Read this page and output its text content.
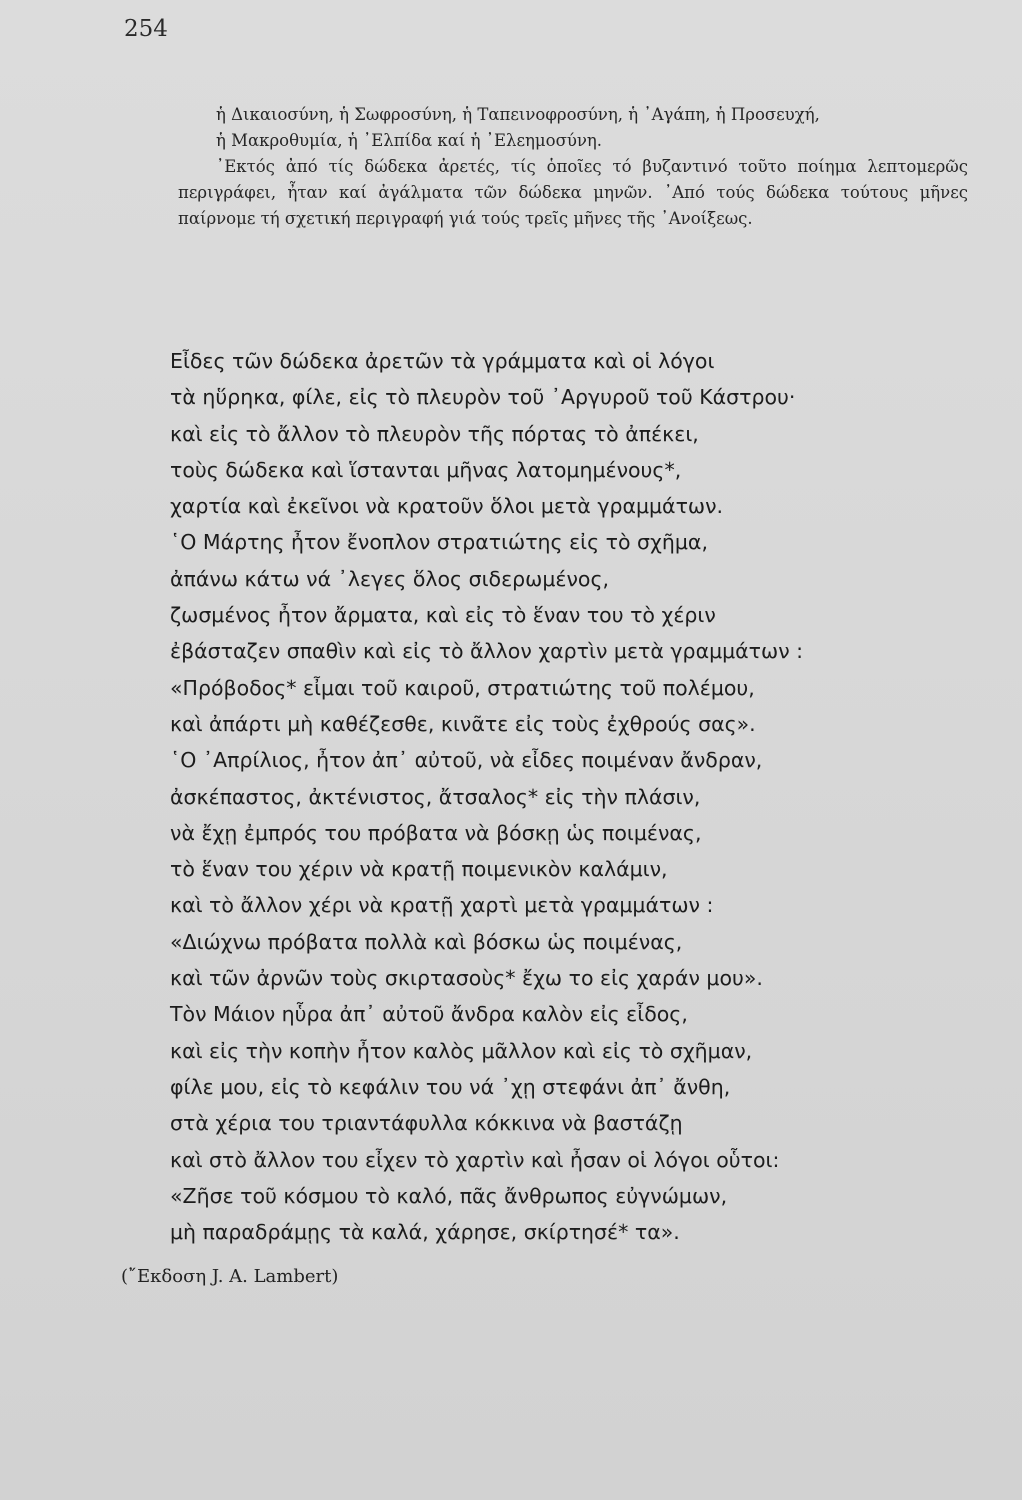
254

ἡ Δικαιοσύνη, ἡ Σωφροσύνη, ἡ Ταπεινοφροσύνη, ἡ ᾿Αγάπη, ἡ Προσευχή,

ἡ Μακροθυμία, ἡ ᾿Ελπίδα καί ἡ ᾿Ελεημοσύνη.

᾿Εκτός ἀπό τίς δώδεκα ἀρετές, τίς ὁποῖες τό βυζαντινό τοῦτο ποίημα λεπτομερῶς περιγράφει, ἦταν καί ἀγάλματα τῶν δώδεκα μηνῶν. ᾿Από τούς δώδεκα τούτους μῆνες παίρνομε τή σχετική περιγραφή γιά τούς τρεῖς μῆνες τῆς ᾿Ανοίξεως.

Εἶδες τῶν δώδεκα ἀρετῶν τὰ γράμματα καὶ οἱ λόγοι
τὰ ηὕρηκα, φίλε, εἰς τὸ πλευρὸν τοῦ ᾿Αργυροῦ τοῦ Κάστρου·
καὶ εἰς τὸ ἄλλον τὸ πλευρὸν τῆς πόρτας τὸ ἀπέκει,
τοὺς δώδεκα καὶ ἵστανται μῆνας λατομημένους*,
χαρτία καὶ ἐκεῖνοι νὰ κρατοῦν ὅλοι μετὰ γραμμάτων.
῾Ο Μάρτης ἦτον ἔνοπλον στρατιώτης εἰς τὸ σχῆμα,
ἀπάνω κάτω νά ᾿λεγες ὅλος σιδερωμένος,
ζωσμένος ἦτον ἄρματα, καὶ εἰς τὸ ἕναν του τὸ χέριν
ἐβάσταζεν σπαθὶν καὶ εἰς τὸ ἄλλον χαρτὶν μετὰ γραμμάτων :
«Πρόβοδος* εἶμαι τοῦ καιροῦ, στρατιώτης τοῦ πολέμου,
καὶ ἀπάρτι μὴ καθέζεσθε, κινᾶτε εἰς τοὺς ἐχθρούς σας».
῾Ο ᾿Απρίλιος, ἦτον ἀπ᾿ αὐτοῦ, νὰ εἶδες ποιμέναν ἄνδραν,
ἀσκέπαστος, ἀκτένιστος, ἄτσαλος* εἰς τὴν πλάσιν,
νὰ ἔχῃ ἐμπρός του πρόβατα νὰ βόσκῃ ὡς ποιμένας,
τὸ ἕναν του χέριν νὰ κρατῇ ποιμενικὸν καλάμιν,
καὶ τὸ ἄλλον χέρι νὰ κρατῇ χαρτὶ μετὰ γραμμάτων :
«Διώχνω πρόβατα πολλὰ καὶ βόσκω ὡς ποιμένας,
καὶ τῶν ἀρνῶν τοὺς σκιρτασοὺς* ἔχω το εἰς χαράν μου».
Τὸν Μάιον ηὗρα ἀπ᾿ αὐτοῦ ἄνδρα καλὸν εἰς εἶδος,
καὶ εἰς τὴν κοπὴν ἦτον καλὸς μᾶλλον καὶ εἰς τὸ σχῆμαν,
φίλε μου, εἰς τὸ κεφάλιν του νά ᾿χῃ στεφάνι ἀπ᾿ ἄνθη,
στὰ χέρια του τριαντάφυλλα κόκκινα νὰ βαστάζῃ
καὶ στὸ ἄλλον του εἶχεν τὸ χαρτὶν καὶ ἦσαν οἱ λόγοι οὗτοι:
«Ζῆσε τοῦ κόσμου τὸ καλό, πᾶς ἄνθρωπος εὐγνώμων,
μὴ παραδράμῃς τὰ καλά, χάρησε, σκίρτησέ* τα».
(῎Εκδοση J. A. Lambert)
